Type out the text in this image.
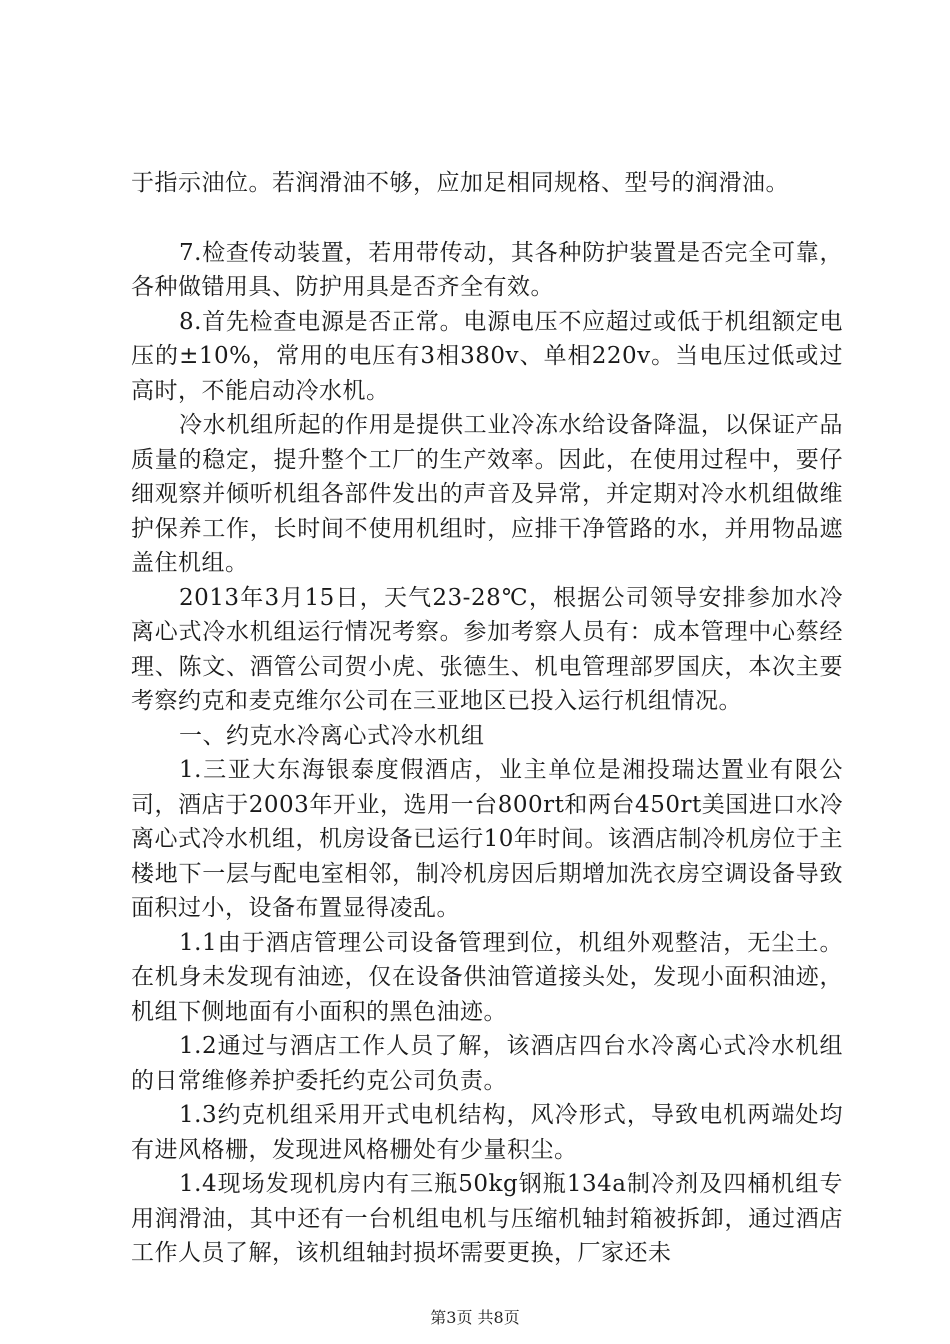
于指示油位。若润滑油不够，应加足相同规格、型号的润滑油。

7.检查传动装置，若用带传动，其各种防护装置是否完全可靠，各种做错用具、防护用具是否齐全有效。

8.首先检查电源是否正常。电源电压不应超过或低于机组额定电压的±10%，常用的电压有3相380v、单相220v。当电压过低或过高时，不能启动冷水机。

冷水机组所起的作用是提供工业冷冻水给设备降温，以保证产品质量的稳定，提升整个工厂的生产效率。因此，在使用过程中，要仔细观察并倾听机组各部件发出的声音及异常，并定期对冷水机组做维护保养工作，长时间不使用机组时，应排干净管路的水，并用物品遮盖住机组。

2013年3月15日，天气23-28℃，根据公司领导安排参加水冷离心式冷水机组运行情况考察。参加考察人员有：成本管理中心蔡经理、陈文、酒管公司贺小虎、张德生、机电管理部罗国庆，本次主要考察约克和麦克维尔公司在三亚地区已投入运行机组情况。

一、约克水冷离心式冷水机组

1.三亚大东海银泰度假酒店，业主单位是湘投瑞达置业有限公司，酒店于2003年开业，选用一台800rt和两台450rt美国进口水冷离心式冷水机组，机房设备已运行10年时间。该酒店制冷机房位于主楼地下一层与配电室相邻，制冷机房因后期增加洗衣房空调设备导致面积过小，设备布置显得凌乱。

1.1由于酒店管理公司设备管理到位，机组外观整洁，无尘土。在机身未发现有油迹，仅在设备供油管道接头处，发现小面积油迹，机组下侧地面有小面积的黑色油迹。

1.2通过与酒店工作人员了解，该酒店四台水冷离心式冷水机组的日常维修养护委托约克公司负责。

1.3约克机组采用开式电机结构，风冷形式，导致电机两端处均有进风格栅，发现进风格栅处有少量积尘。

1.4现场发现机房内有三瓶50kg钢瓶134a制冷剂及四桶机组专用润滑油，其中还有一台机组电机与压缩机轴封箱被拆卸，通过酒店工作人员了解，该机组轴封损坏需要更换，厂家还未

第3页 共8页
